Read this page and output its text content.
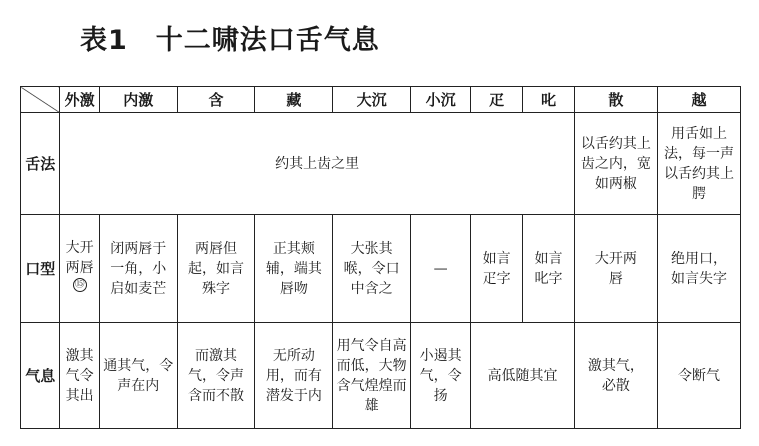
表1　十二啸法口舌气息
	外激	内激	含	藏	大沉	小沉	疋	叱	散	越
舌法	约其上齿之里								以舌约其上齿之内，宽如两椒	用舌如上法，每一声以舌约其上腭

口型	大开两唇⑮	闭两唇于一角，小启如麦芒	两唇但起，如言殊字	正其颊辅，端其唇吻	大张其喉，令口中含之	—	如言疋字	如言叱字	大开两唇	绝用口，如言失字

气息	激其气令其出	通其气，令声在内	而激其气，令声含而不散	无所动用，而有潜发于内	用气令自高而低，大物含气煌煌而雄	小遏其气，令扬	高低随其宜		激其气，必散	令断气
